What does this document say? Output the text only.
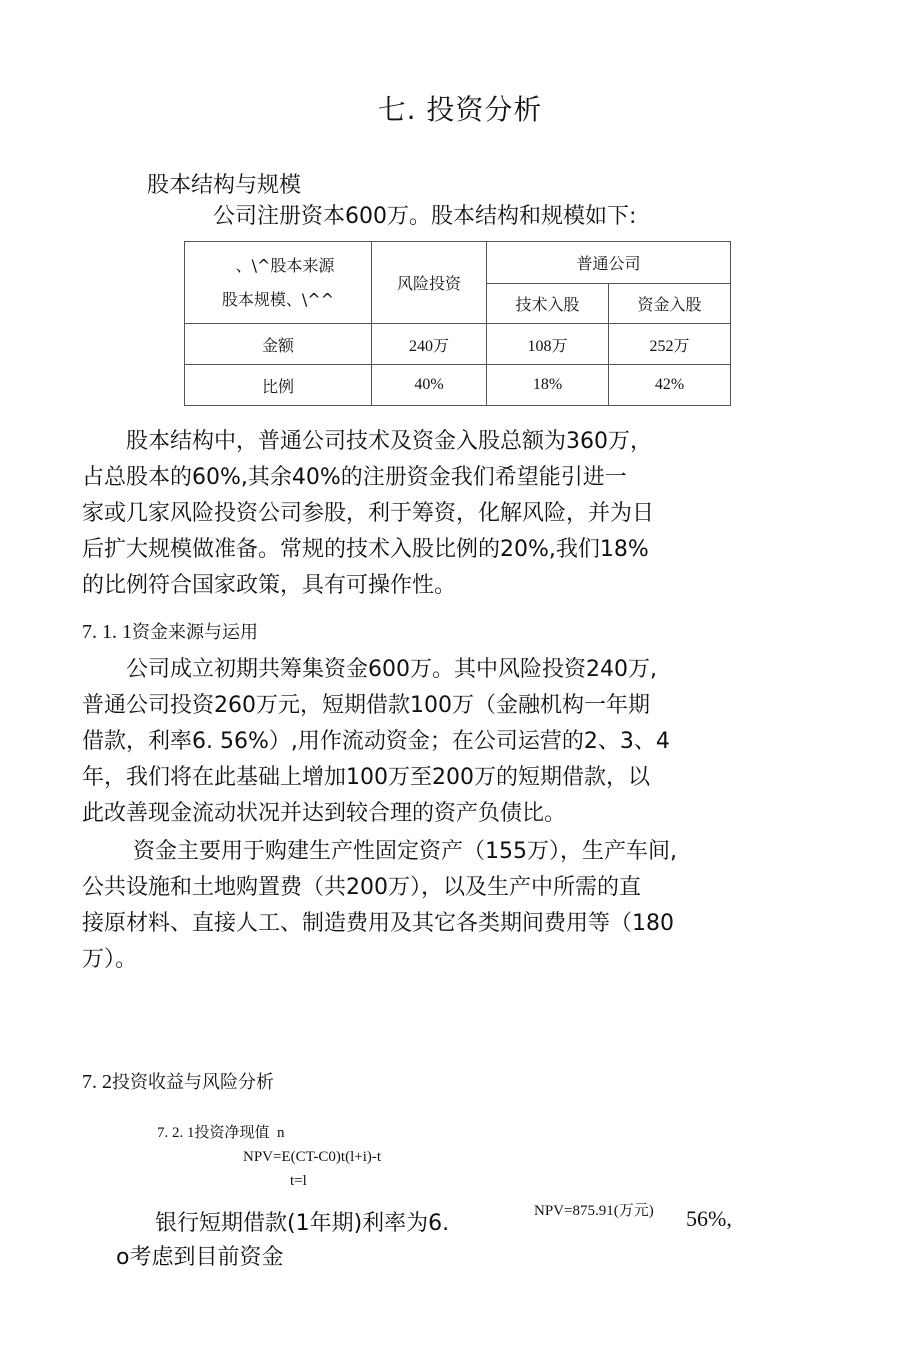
七. 投资分析
股本结构与规模
公司注册资本600万。股本结构和规模如下:
、\^股本来源
股本规模、\^^	风险投资	普通公司	
		技术入股	资金入股
金额	240万	108万	252万
比例	40%	18%	42%
　　股本结构中，普通公司技术及资金入股总额为360万，
占总股本的60%,其余40%的注册资金我们希望能引进一
家或几家风险投资公司参股，利于筹资，化解风险，并为日
后扩大规模做准备。常规的技术入股比例的20%,我们18%
的比例符合国家政策，具有可操作性。
7. 1. 1资金来源与运用
　　公司成立初期共筹集资金600万。其中风险投资240万,
普通公司投资260万元，短期借款100万（金融机构一年期
借款，利率6. 56%）,用作流动资金；在公司运营的2、3、4
年，我们将在此基础上增加100万至200万的短期借款，以
此改善现金流动状况并达到较合理的资产负债比。
　　 资金主要用于购建生产性固定资产（155万），生产车间,
公共设施和土地购置费（共200万），以及生产中所需的直
接原材料、直接人工、制造费用及其它各类期间费用等（180
万）。
7. 2投资收益与风险分析
7. 2. 1投资净现值 n
NPV=E(CT-C0)t(l+i)-t
t=l
银行短期借款(1年期)利率为6.	NPV=875.91(万元) 56%,
o考虑到目前资金
